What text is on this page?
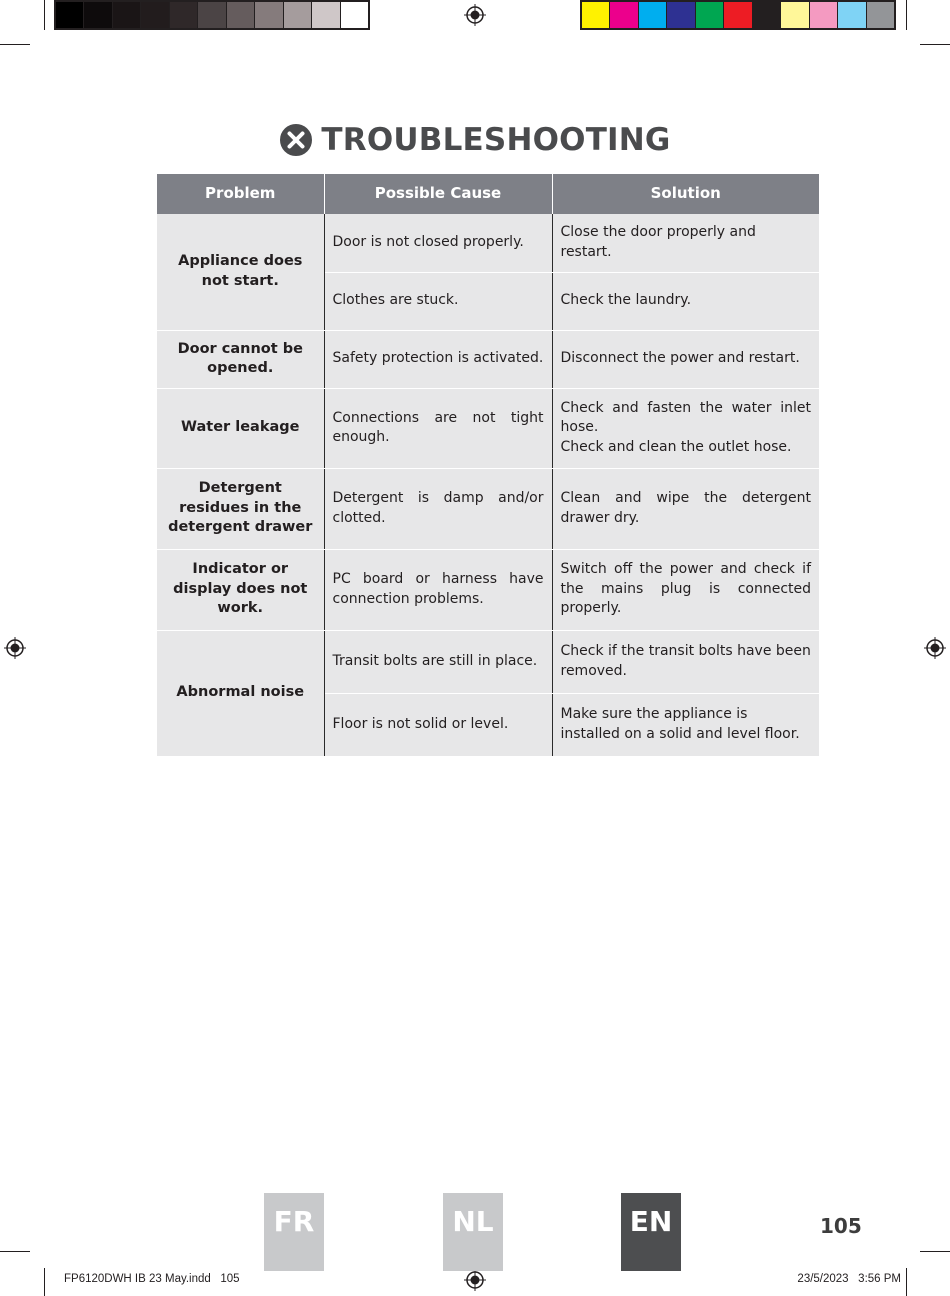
TROUBLESHOOTING
Problem	Possible Cause	Solution
Appliance does not start.	Door is not closed properly.	Close the door properly and restart.
	Clothes are stuck.	Check the laundry.
Door cannot be opened.	Safety protection is activated.	Disconnect the power and restart.
Water leakage	Connections are not tight enough.	Check and fasten the water inlet hose.
Check and clean the outlet hose.

Detergent residues in the detergent drawer	Detergent is damp and/or clotted.	Clean and wipe the detergent drawer dry.
Indicator or display does not work.	PC board or harness have connection problems.	Switch off the power and check if the mains plug is connected properly.
Abnormal noise	Transit bolts are still in place.	Check if the transit bolts have been removed.
	Floor is not solid or level.	Make sure the appliance is installed on a solid and level floor.
FR	NL	EN	105
FP6120DWH IB 23 May.indd   105	23/5/2023   3:56 PM
